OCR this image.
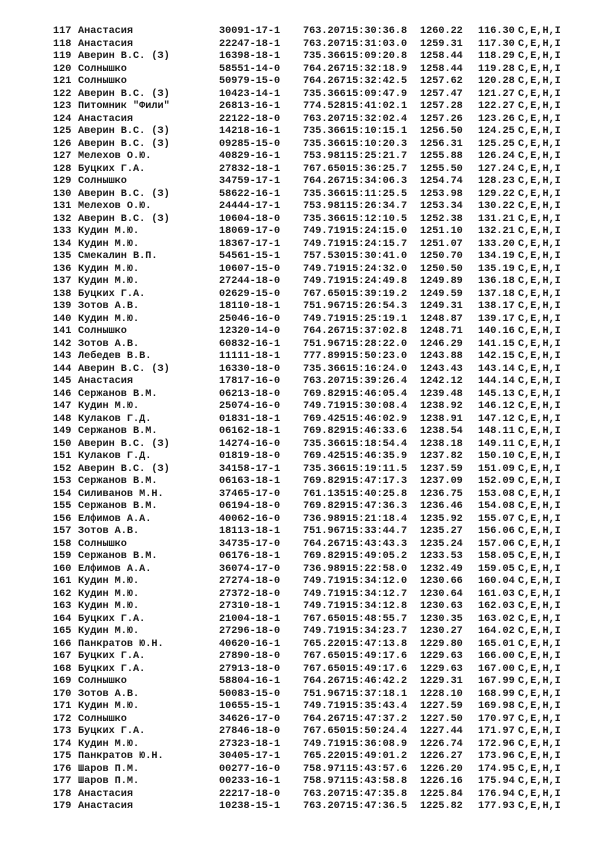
117 Анастасия	30091-17-1 763.207 15:30:36.8 1260.22 116.30 C,E,H,I
118 Анастасия	22247-18-1 763.207 15:31:03.0 1259.31 117.30 C,E,H,I
119 Аверин В.С. (З)	16398-18-1 735.366 15:09:20.8 1258.44 118.29 C,E,H,I
120 Солнышко	58551-14-0 764.267 15:32:18.9 1258.44 119.28 C,E,H,I
121 Солнышко	50979-15-0 764.267 15:32:42.5 1257.62 120.28 C,E,H,I
122 Аверин В.С. (З)	10423-14-1 735.366 15:09:47.9 1257.47 121.27 C,E,H,I
123 Питомник "Фили"	26813-16-1 774.528 15:41:02.1 1257.28 122.27 C,E,H,I
124 Анастасия	22122-18-0 763.207 15:32:02.4 1257.26 123.26 C,E,H,I
125 Аверин В.С. (З)	14218-16-1 735.366 15:10:15.1 1256.50 124.25 C,E,H,I
126 Аверин В.С. (З)	09285-15-0 735.366 15:10:20.3 1256.31 125.25 C,E,H,I
127 Мелехов О.Ю.	40829-16-1 753.981 15:25:21.7 1255.88 126.24 C,E,H,I
128 Буцких Г.А.	27832-18-1 767.650 15:36:25.7 1255.50 127.24 C,E,H,I
129 Солнышко	34759-17-1 764.267 15:34:06.3 1254.74 128.23 C,E,H,I
130 Аверин В.С. (З)	58622-16-1 735.366 15:11:25.5 1253.98 129.22 C,E,H,I
131 Мелехов О.Ю.	24444-17-1 753.981 15:26:34.7 1253.34 130.22 C,E,H,I
132 Аверин В.С. (З)	10604-18-0 735.366 15:12:10.5 1252.38 131.21 C,E,H,I
133 Кудин М.Ю.	18069-17-0 749.719 15:24:15.0 1251.10 132.21 C,E,H,I
134 Кудин М.Ю.	18367-17-1 749.719 15:24:15.7 1251.07 133.20 C,E,H,I
135 Смекалин В.П.	54561-15-1 757.530 15:30:41.0 1250.70 134.19 C,E,H,I
136 Кудин М.Ю.	10607-15-0 749.719 15:24:32.0 1250.50 135.19 C,E,H,I
137 Кудин М.Ю.	27244-18-0 749.719 15:24:49.8 1249.89 136.18 C,E,H,I
138 Буцких Г.А.	02629-15-0 767.650 15:39:19.2 1249.59 137.18 C,E,H,I
139 Зотов А.В.	18110-18-1 751.967 15:26:54.3 1249.31 138.17 C,E,H,I
140 Кудин М.Ю.	25046-16-0 749.719 15:25:19.1 1248.87 139.17 C,E,H,I
141 Солнышко	12320-14-0 764.267 15:37:02.8 1248.71 140.16 C,E,H,I
142 Зотов А.В.	60832-16-1 751.967 15:28:22.0 1246.29 141.15 C,E,H,I
143 Лебедев В.В.	11111-18-1 777.899 15:50:23.0 1243.88 142.15 C,E,H,I
144 Аверин В.С. (З)	16330-18-0 735.366 15:16:24.0 1243.43 143.14 C,E,H,I
145 Анастасия	17817-16-0 763.207 15:39:26.4 1242.12 144.14 C,E,H,I
146 Сержанов В.М.	06213-18-0 769.829 15:46:05.4 1239.48 145.13 C,E,H,I
147 Кудин М.Ю.	25074-16-0 749.719 15:30:08.4 1238.92 146.12 C,E,H,I
148 Кулаков Г.Д.	01831-18-1 769.425 15:46:02.9 1238.91 147.12 C,E,H,I
149 Сержанов В.М.	06162-18-1 769.829 15:46:33.6 1238.54 148.11 C,E,H,I
150 Аверин В.С. (З)	14274-16-0 735.366 15:18:54.4 1238.18 149.11 C,E,H,I
151 Кулаков Г.Д.	01819-18-0 769.425 15:46:35.9 1237.82 150.10 C,E,H,I
152 Аверин В.С. (З)	34158-17-1 735.366 15:19:11.5 1237.59 151.09 C,E,H,I
153 Сержанов В.М.	06163-18-1 769.829 15:47:17.3 1237.09 152.09 C,E,H,I
154 Силиванов М.Н.	37465-17-0 761.135 15:40:25.8 1236.75 153.08 C,E,H,I
155 Сержанов В.М.	06194-18-0 769.829 15:47:36.3 1236.46 154.08 C,E,H,I
156 Елфимов А.А.	40062-16-0 736.989 15:21:18.4 1235.92 155.07 C,E,H,I
157 Зотов А.В.	18113-18-1 751.967 15:33:44.7 1235.27 156.06 C,E,H,I
158 Солнышко	34735-17-0 764.267 15:43:43.3 1235.24 157.06 C,E,H,I
159 Сержанов В.М.	06176-18-1 769.829 15:49:05.2 1233.53 158.05 C,E,H,I
160 Елфимов А.А.	36074-17-0 736.989 15:22:58.0 1232.49 159.05 C,E,H,I
161 Кудин М.Ю.	27274-18-0 749.719 15:34:12.0 1230.66 160.04 C,E,H,I
162 Кудин М.Ю.	27372-18-0 749.719 15:34:12.7 1230.64 161.03 C,E,H,I
163 Кудин М.Ю.	27310-18-1 749.719 15:34:12.8 1230.63 162.03 C,E,H,I
164 Буцких Г.А.	21004-18-1 767.650 15:48:55.7 1230.35 163.02 C,E,H,I
165 Кудин М.Ю.	27296-18-0 749.719 15:34:23.7 1230.27 164.02 C,E,H,I
166 Панкратов Ю.Н.	40620-16-1 765.220 15:47:13.8 1229.80 165.01 C,E,H,I
167 Буцких Г.А.	27890-18-0 767.650 15:49:17.6 1229.63 166.00 C,E,H,I
168 Буцких Г.А.	27913-18-0 767.650 15:49:17.6 1229.63 167.00 C,E,H,I
169 Солнышко	58804-16-1 764.267 15:46:42.2 1229.31 167.99 C,E,H,I
170 Зотов А.В.	50083-15-0 751.967 15:37:18.1 1228.10 168.99 C,E,H,I
171 Кудин М.Ю.	10655-15-1 749.719 15:35:43.4 1227.59 169.98 C,E,H,I
172 Солнышко	34626-17-0 764.267 15:47:37.2 1227.50 170.97 C,E,H,I
173 Буцких Г.А.	27846-18-0 767.650 15:50:24.4 1227.44 171.97 C,E,H,I
174 Кудин М.Ю.	27323-18-1 749.719 15:36:08.9 1226.74 172.96 C,E,H,I
175 Панкратов Ю.Н.	30405-17-1 765.220 15:49:01.2 1226.27 173.96 C,E,H,I
176 Шаров П.М.	00277-16-0 758.971 15:43:57.6 1226.20 174.95 C,E,H,I
177 Шаров П.М.	00233-16-1 758.971 15:43:58.8 1226.16 175.94 C,E,H,I
178 Анастасия	22217-18-0 763.207 15:47:35.8 1225.84 176.94 C,E,H,I
179 Анастасия	10238-15-1 763.207 15:47:36.5 1225.82 177.93 C,E,H,I
